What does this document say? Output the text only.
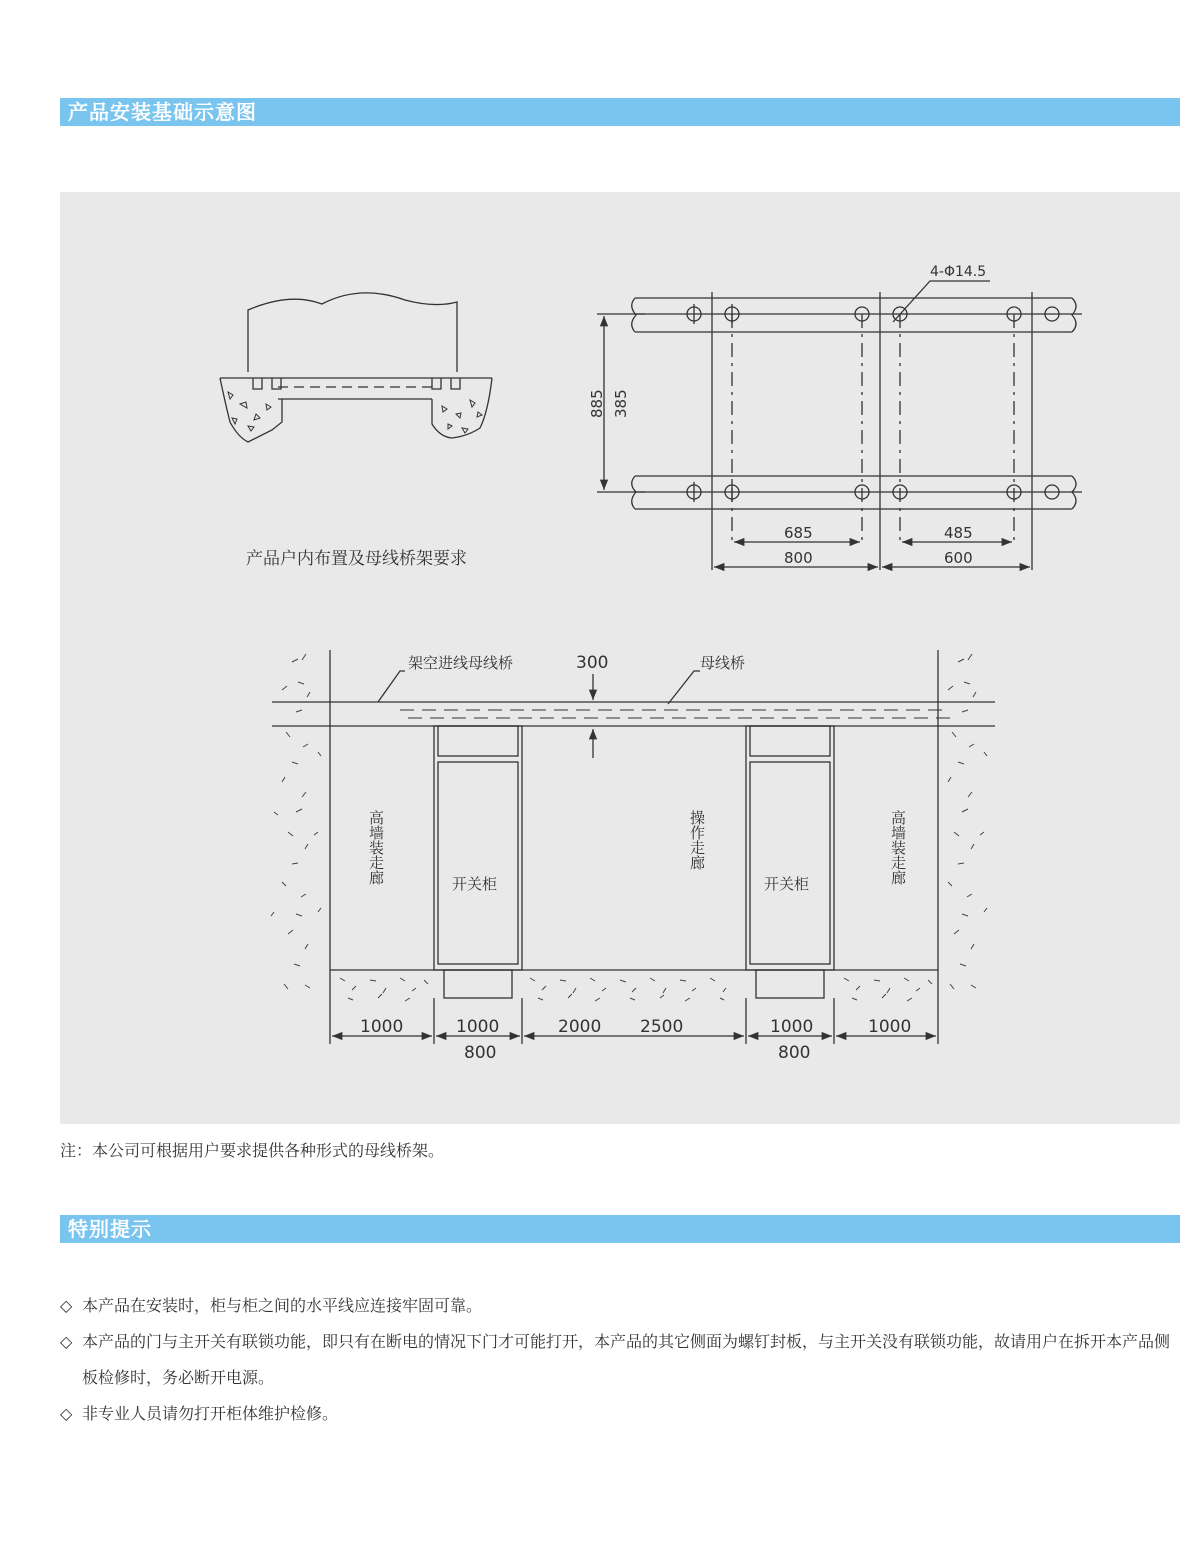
产品安装基础示意图
4-Φ14.5
885 385
685	485
800	600
产品户内布置及母线桥架要求
架空进线母线桥	300	母线桥
高墙装走廊	开关柜
操作走廊
开关柜	高墙装走廊
1000	1000	2000 2500	1000	1000
800	800
注：本公司可根据用户要求提供各种形式的母线桥架。
特别提示
◇ 本产品在安装时，柜与柜之间的水平线应连接牢固可靠。
◇ 本产品的门与主开关有联锁功能，即只有在断电的情况下门才可能打开，本产品的其它侧面为螺钉封板，与主开关没有联锁功能，故请用户在拆开本产品侧板检修时，务必断开电源。
◇ 非专业人员请勿打开柜体维护检修。
